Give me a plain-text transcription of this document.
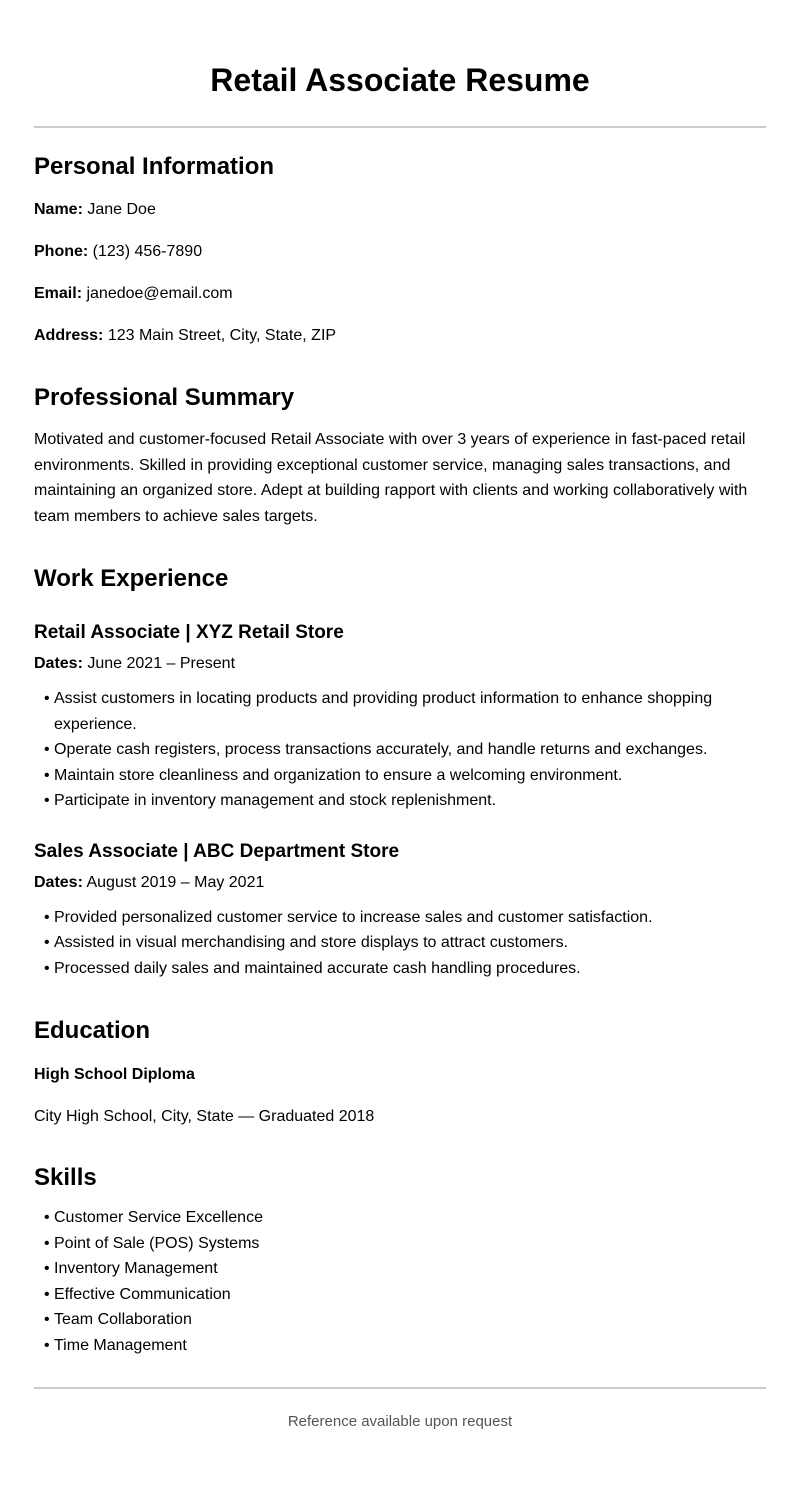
Retail Associate Resume
Personal Information

Name: Jane Doe

Phone: (123) 456-7890

Email: janedoe@email.com

Address: 123 Main Street, City, State, ZIP

Professional Summary

Motivated and customer-focused Retail Associate with over 3 years of experience in fast-paced retail environments. Skilled in providing exceptional customer service, managing sales transactions, and maintaining an organized store. Adept at building rapport with clients and working collaboratively with team members to achieve sales targets.

Work Experience
Retail Associate | XYZ Retail Store

Dates: June 2021 – Present

• Assist customers in locating products and providing product information to enhance shopping experience.
• Operate cash registers, process transactions accurately, and handle returns and exchanges.
• Maintain store cleanliness and organization to ensure a welcoming environment.
• Participate in inventory management and stock replenishment.
Sales Associate | ABC Department Store

Dates: August 2019 – May 2021

• Provided personalized customer service to increase sales and customer satisfaction.
• Assisted in visual merchandising and store displays to attract customers.
• Processed daily sales and maintained accurate cash handling procedures.
Education

High School Diploma

City High School, City, State — Graduated 2018

Skills
• Customer Service Excellence
• Point of Sale (POS) Systems
• Inventory Management
• Effective Communication
• Team Collaboration
• Time Management

Reference available upon request
